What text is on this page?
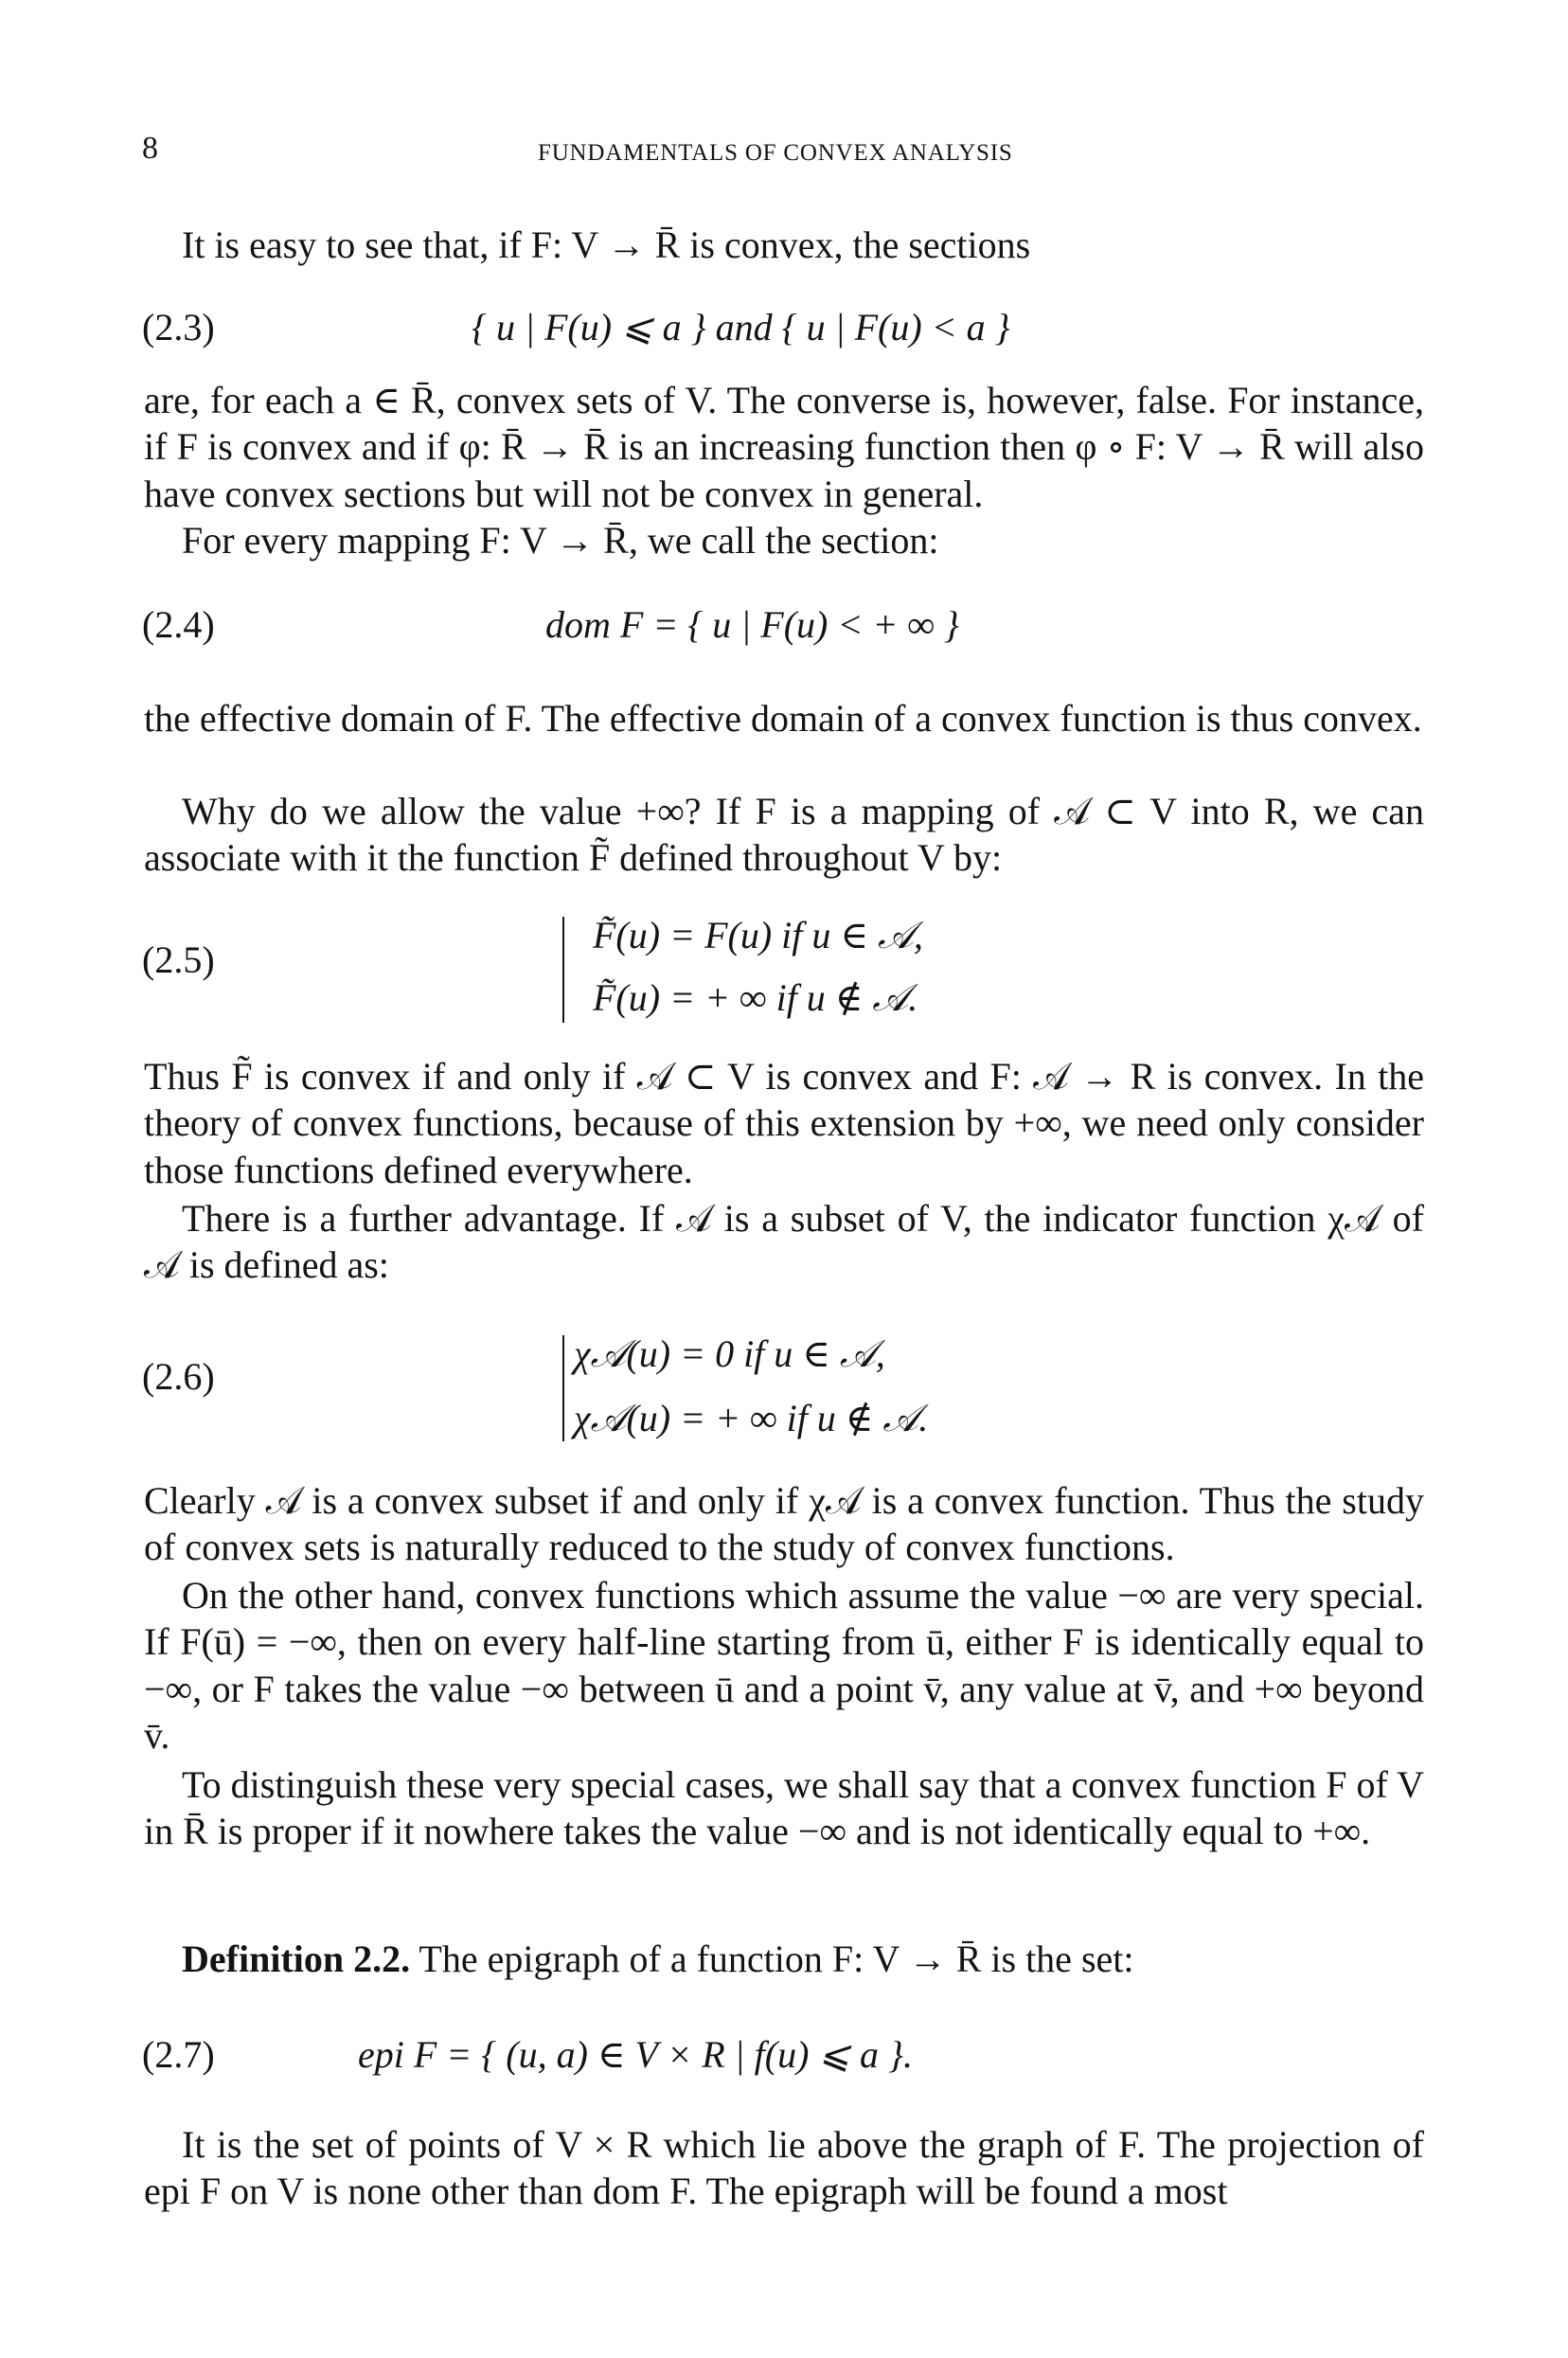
8	FUNDAMENTALS OF CONVEX ANALYSIS
It is easy to see that, if F: V → R̄ is convex, the sections
(2.3)	{ u | F(u) ⩽ a } and { u | F(u) < a }
are, for each a ∈ R̄, convex sets of V. The converse is, however, false. For instance, if F is convex and if φ: R̄ → R̄ is an increasing function then φ ∘ F: V → R̄ will also have convex sections but will not be convex in general.
For every mapping F: V → R̄, we call the section:
(2.4)	dom F = { u | F(u) < + ∞ }
the effective domain of F. The effective domain of a convex function is thus convex.
Why do we allow the value +∞? If F is a mapping of 𝒜 ⊂ V into R, we can associate with it the function F̃ defined throughout V by:
(2.5)
F̃(u) = F(u) if u ∈ 𝒜,
F̃(u) = + ∞ if u ∉ 𝒜.
Thus F̃ is convex if and only if 𝒜 ⊂ V is convex and F: 𝒜 → R is convex. In the theory of convex functions, because of this extension by +∞, we need only consider those functions defined everywhere.
There is a further advantage. If 𝒜 is a subset of V, the indicator function χ𝒜 of 𝒜 is defined as:
(2.6)
χ𝒜(u) = 0 if u ∈ 𝒜,
χ𝒜(u) = + ∞ if u ∉ 𝒜.
Clearly 𝒜 is a convex subset if and only if χ𝒜 is a convex function. Thus the study of convex sets is naturally reduced to the study of convex functions.
On the other hand, convex functions which assume the value −∞ are very special. If F(ū) = −∞, then on every half-line starting from ū, either F is identically equal to −∞, or F takes the value −∞ between ū and a point v̄, any value at v̄, and +∞ beyond v̄.
To distinguish these very special cases, we shall say that a convex function F of V in R̄ is proper if it nowhere takes the value −∞ and is not identically equal to +∞.
Definition 2.2. The epigraph of a function F: V → R̄ is the set:
(2.7)	epi F = { (u, a) ∈ V × R | f(u) ⩽ a }.
It is the set of points of V × R which lie above the graph of F. The projection of epi F on V is none other than dom F. The epigraph will be found a most
